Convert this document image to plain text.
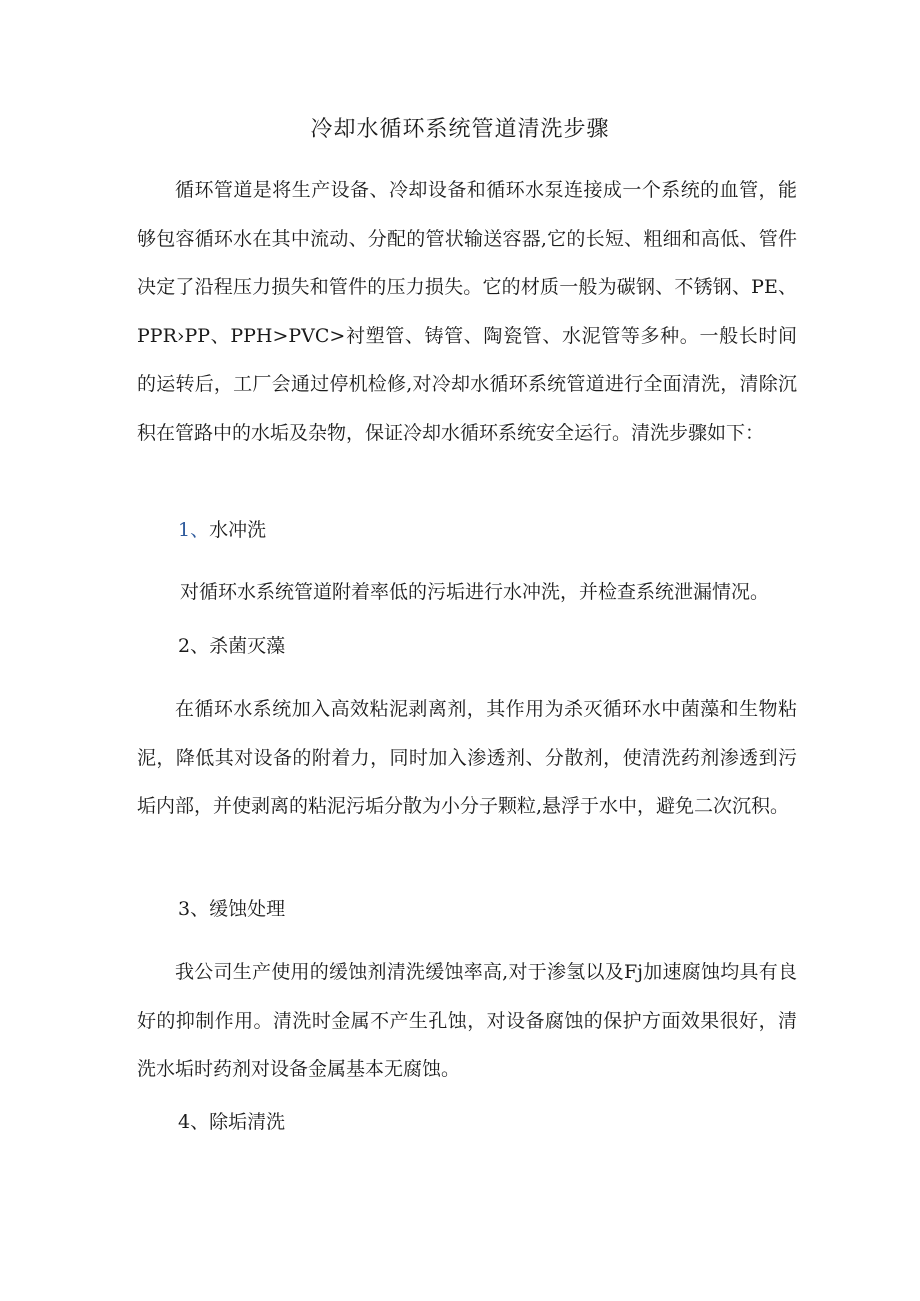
冷却水循环系统管道清洗步骤

循环管道是将生产设备、冷却设备和循环水泵连接成一个系统的血管，能够包容循环水在其中流动、分配的管状输送容器,它的长短、粗细和高低、管件决定了沿程压力损失和管件的压力损失。它的材质一般为碳钢、不锈钢、PE、PPR›PP、PPH>PVC>衬塑管、铸管、陶瓷管、水泥管等多种。一般长时间的运转后，工厂会通过停机检修,对冷却水循环系统管道进行全面清洗，清除沉积在管路中的水垢及杂物，保证冷却水循环系统安全运行。清洗步骤如下：

1、水冲洗

对循环水系统管道附着率低的污垢进行水冲洗，并检查系统泄漏情况。

2、杀菌灭藻

在循环水系统加入高效粘泥剥离剂，其作用为杀灭循环水中菌藻和生物粘泥，降低其对设备的附着力，同时加入渗透剂、分散剂，使清洗药剂渗透到污垢内部，并使剥离的粘泥污垢分散为小分子颗粒,悬浮于水中，避免二次沉积。

3、缓蚀处理

我公司生产使用的缓蚀剂清洗缓蚀率高,对于渗氢以及Fj加速腐蚀均具有良好的抑制作用。清洗时金属不产生孔蚀，对设备腐蚀的保护方面效果很好，清洗水垢时药剂对设备金属基本无腐蚀。

4、除垢清洗
